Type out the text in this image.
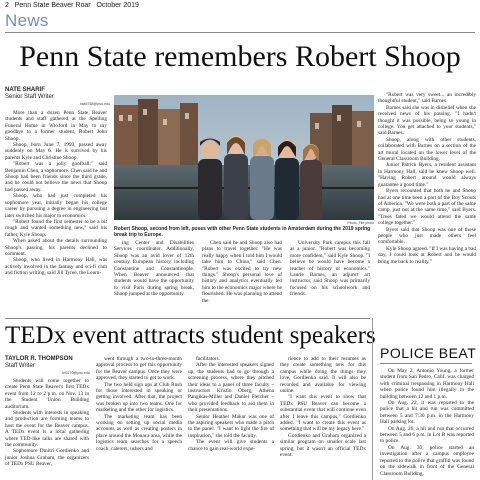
2 Penn State Beaver Roar October 2019
News
Penn State remembers Robert Shoop
NATE SHARIF
Senior Staff Writer
nas5758@psu.edu

More than a dozen Penn State Beaver students and staff gathered at the Spelling Funeral Home in Wexford in May to say goodbye to a former student, Robert John Shoop.

Shoop, born June 7, 1999, passed away suddenly on May 6. He is survived by his parents Kyle and Christine Shoop.

"Robert was a jolly goofball," said Benjamin Chen, a sophomore. Chen said he and Shoop had been friends since the third grade, and he could not believe the news that Shoop had passed away.

Shoop, who had just completed his sophomore year, initially began his college career by pursuing a degree in engineering but later switched his major to economics.

"Robert found the first semester to be a bit rough and wanted something new," said his father, Kyle Shoop.

When asked about the details surrounding Shoop's passing, his parents declined to comment.

Shoop, who lived in Harmony Hall, was actively involved in the fantasy and sci-fi club and fiction writing, said Jill Tyree, the Learn-

Photo: File photo
Robert Shoop, second from left, poses with other Penn State students in Amsterdam during the 2019 spring break trip to Europe.

ing Center and Disabilities Services coordinator. Additionally, Shoop was an avid lover of 12th century European history including Constantine and Constantinople. When Beaver announced that students would have the opportunity to visit Paris during spring break, Shoop jumped at the opportunity.

Chen said he and Shoop also had plans to travel together. "He was really happy when I told him I would take him to China," said Chen. "Robert was excited to try new things." Shoop's personal love of history and analytics eventually led him to the economics major where he flourished. He was planning to attend the

University Park campus this fall as a junior. "Robert was becoming more confident," said Kyle Shoop. "I believe he would have become a teacher of history or economics." Laurie Barnes, an adjunct art instructor, said Shoop was primarily focused on his schoolwork and friends.

"Robert was very sweet... an incredibly thoughtful student," said Barnes.

Barnes said she was in disbelief when she received news of his passing. "I hadn't thought it was possible, being so young in college. You get attached to your students," said Barnes.

Shoop, along with other students, collaborated with Barnes on a section of the art mural located on the lower level of the General Classroom Building.

Junior Patrick Byers, a resident assistant in Harmony Hall, said he knew Shoop well. "Having Robert around would always guarantee a good time."

Byers recounted that both he and Shoop had at one time been a part of the Boy Scouts of America. "We were both a part of the same camp, just not at the same time," said Byers. "Trees fated we would attend the same college together."

Byers said that Shoop was one of those people who just made others feel comfortable.

Kyle Shoop agreed. "If I was having a bad day, I could look at Robert and he would bring me back to reality."

TEDx event attracts student speakers
TAYLOR R. THOMPSON
Staff Writer
trt5170@psu.edu

Students will come together to create Penn State Beaver's first TEDx event from 12 to 2 p.m. on Nov. 13 in the Student Union Building auditorium.

Students with interests in speaking and production are forming teams to host the event for the Beaver campus. A TEDx event is a local gathering where TED-like talks are shared with the community.

Sophomore Dmitri Gordienko and junior Joshua Graham, the organizers of TEDx PSU Beaver,

went through a two-to-three-month approval process to get this opportunity for the Beaver campus. Once they were approved, they started to get to work.

The two held sign ups at Club Rush for those interested in speaking or getting involved. After that, the project was broken up into two teams. One for marketing and the other for logistics.

The marketing team has been working on setting up social media accounts as well as creating posters in place around the Monaca area, while the logistics team searches for a speech coach, caterers, ushers and

facilitators.

After the interested speakers signed up, the students had to go through a screening process, where they pitched their ideas to a panel of three faculty – instructors Kristin Oberg, Athena Pangikas-Miller and Daniel Fletcher – who provided feedback to aid them in their presentations.

Senior Heather Makar was one of the aspiring speakers who made a pitch to the panel. "I want to light the fire of inspiration," she told the faculty.

The event will give students a chance to gain real-world expe-

rience to add to their resumes as they create something new for this campus while doing the things they love, Gordienko said. It will also be recorded and available for viewing online.

"I want this event to show that TEDx PSU Beaver can become a substantial event that will continue even after I leave this campus," Gordienko added. "I want to create this event as something that will be my legacy here."

Gordienko and Graham organized a similar program on smaller scale last spring, but it wasn't an official TEDx event.

POLICE BEAT

On May 2, Antonio Young, a former student from San Pedro, Calif. was charged with criminal trespassing in Harmony Hall when police found him illegally in the building between 12 and 1 p.m.

On Aug. 22, it was reported to the police that a hit and run was committed between 5 and 7:30 p.m. in the Harmony Hall parking lot.

On Aug. 26, a hit and run that occurred between 5 and 6 p.m. in Lot B was reported to police.

On Aug. 30, police started an investigation after a campus employee reported to the police that graffiti was found on the sidewalk in front of the General Classroom Building.
